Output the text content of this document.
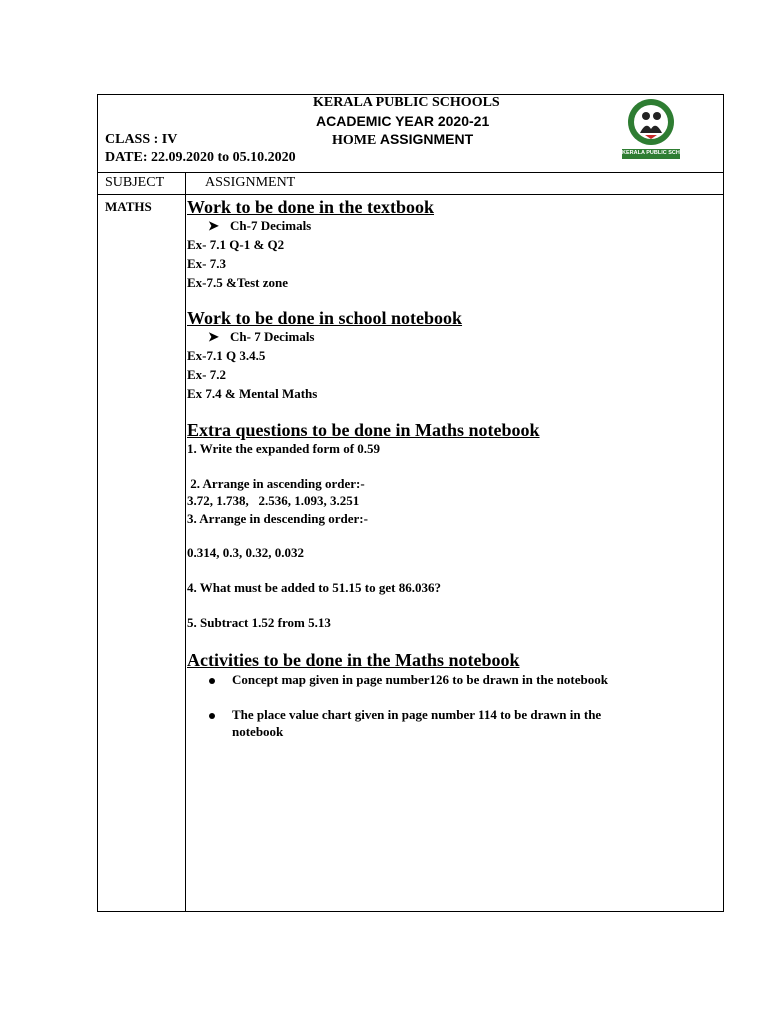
KERALA PUBLIC SCHOOLS
ACADEMIC YEAR 2020-21
HOME ASSIGNMENT
CLASS : IV
DATE: 22.09.2020 to 05.10.2020	KERALA PUBLIC SCHOOLS
SUBJECT	ASSIGNMENT
MATHS Work to be done in the textbook
➤ Ch-7 Decimals
Ex- 7.1 Q-1 & Q2
Ex- 7.3
Ex-7.5 &Test zone
Work to be done in school notebook
➤ Ch- 7 Decimals
Ex-7.1 Q 3.4.5
Ex- 7.2
Ex 7.4 & Mental Maths
Extra questions to be done in Maths notebook
1. Write the expanded form of 0.59
2. Arrange in ascending order:-
3.72, 1.738,   2.536, 1.093, 3.251
3. Arrange in descending order:-
0.314, 0.3, 0.32, 0.032
4. What must be added to 51.15 to get 86.036?
5. Subtract 1.52 from 5.13
Activities to be done in the Maths notebook
Concept map given in page number126 to be drawn in the notebook
The place value chart given in page number 114 to be drawn in the
notebook
